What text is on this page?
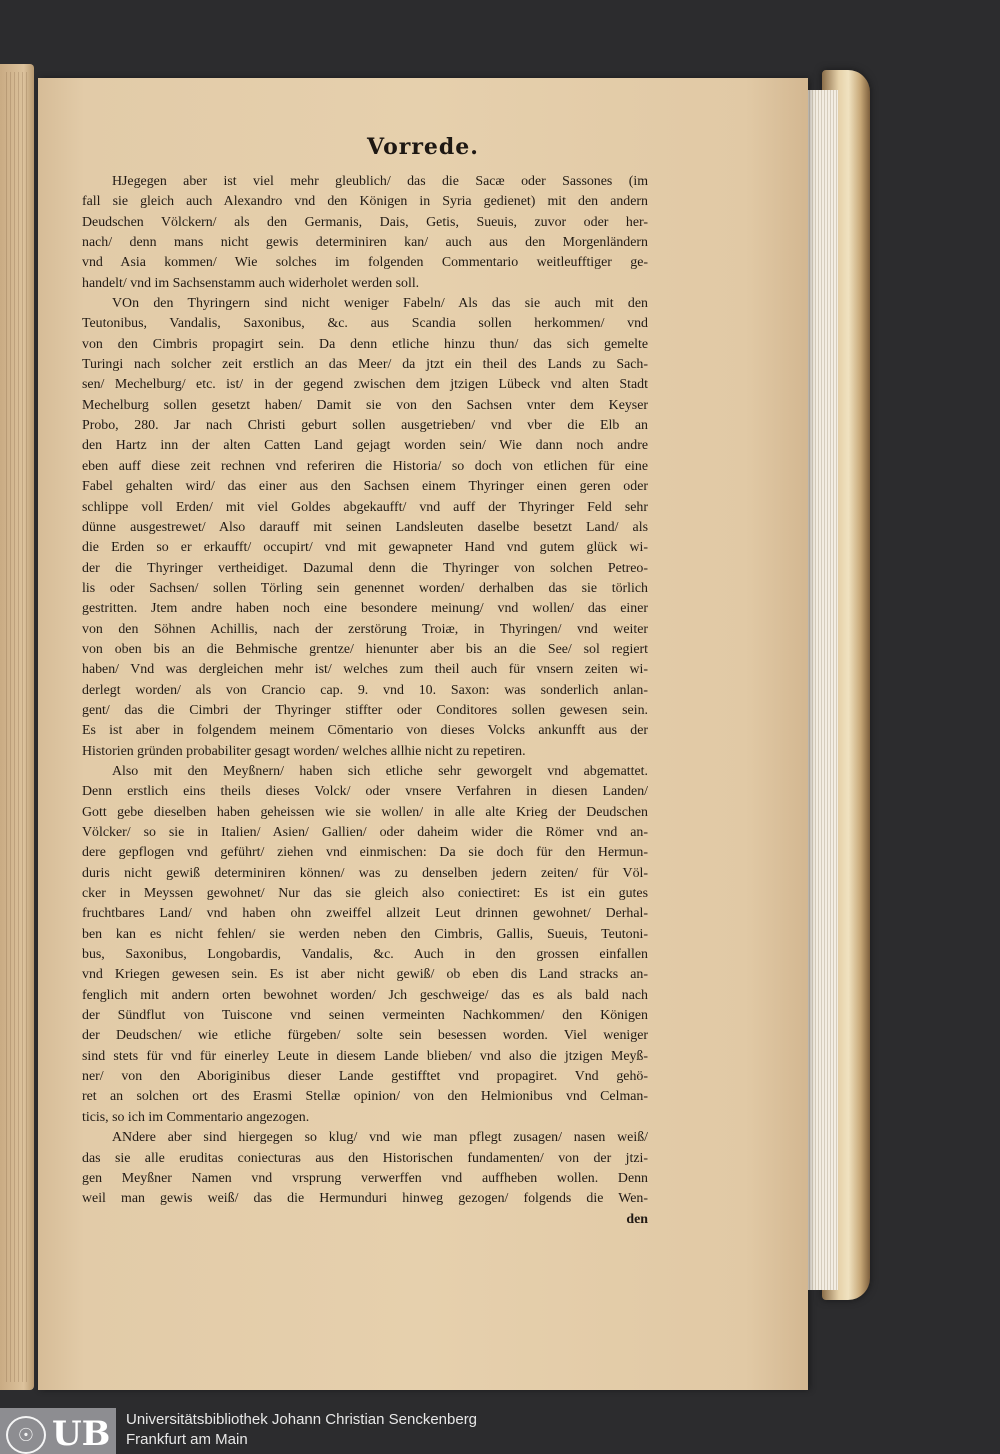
Vorrede.

HJegegen aber ist viel mehr gleublich/ das die Sacæ oder Sassones (im

fall sie gleich auch Alexandro vnd den Königen in Syria gedienet) mit den andern

Deudschen Völckern/ als den Germanis, Dais, Getis, Sueuis, zuvor oder her-

nach/ denn mans nicht gewis determiniren kan/ auch aus den Morgenländern

vnd Asia kommen/ Wie solches im folgenden Commentario weitleufftiger ge-

handelt/ vnd im Sachsenstamm auch widerholet werden soll.

VOn den Thyringern sind nicht weniger Fabeln/ Als das sie auch mit den

Teutonibus, Vandalis, Saxonibus, &c. aus Scandia sollen herkommen/ vnd

von den Cimbris propagirt sein. Da denn etliche hinzu thun/ das sich gemelte

Turingi nach solcher zeit erstlich an das Meer/ da jtzt ein theil des Lands zu Sach-

sen/ Mechelburg/ etc. ist/ in der gegend zwischen dem jtzigen Lübeck vnd alten Stadt

Mechelburg sollen gesetzt haben/ Damit sie von den Sachsen vnter dem Keyser

Probo, 280. Jar nach Christi geburt sollen ausgetrieben/ vnd vber die Elb an

den Hartz inn der alten Catten Land gejagt worden sein/ Wie dann noch andre

eben auff diese zeit rechnen vnd referiren die Historia/ so doch von etlichen für eine

Fabel gehalten wird/ das einer aus den Sachsen einem Thyringer einen geren oder

schlippe voll Erden/ mit viel Goldes abgekaufft/ vnd auff der Thyringer Feld sehr

dünne ausgestrewet/ Also darauff mit seinen Landsleuten daselbe besetzt Land/ als

die Erden so er erkaufft/ occupirt/ vnd mit gewapneter Hand vnd gutem glück wi-

der die Thyringer vertheidiget. Dazumal denn die Thyringer von solchen Petreo-

lis oder Sachsen/ sollen Törling sein genennet worden/ derhalben das sie törlich

gestritten. Jtem andre haben noch eine besondere meinung/ vnd wollen/ das einer

von den Söhnen Achillis, nach der zerstörung Troiæ, in Thyringen/ vnd weiter

von oben bis an die Behmische grentze/ hienunter aber bis an die See/ sol regiert

haben/ Vnd was dergleichen mehr ist/ welches zum theil auch für vnsern zeiten wi-

derlegt worden/ als von Crancio cap. 9. vnd 10. Saxon: was sonderlich anlan-

gent/ das die Cimbri der Thyringer stiffter oder Conditores sollen gewesen sein.

Es ist aber in folgendem meinem Cōmentario von dieses Volcks ankunfft aus der

Historien gründen probabiliter gesagt worden/ welches allhie nicht zu repetiren.

Also mit den Meyßnern/ haben sich etliche sehr geworgelt vnd abgemattet.

Denn erstlich eins theils dieses Volck/ oder vnsere Verfahren in diesen Landen/

Gott gebe dieselben haben geheissen wie sie wollen/ in alle alte Krieg der Deudschen

Völcker/ so sie in Italien/ Asien/ Gallien/ oder daheim wider die Römer vnd an-

dere gepflogen vnd geführt/ ziehen vnd einmischen: Da sie doch für den Hermun-

duris nicht gewiß determiniren können/ was zu denselben jedern zeiten/ für Völ-

cker in Meyssen gewohnet/ Nur das sie gleich also coniectiret: Es ist ein gutes

fruchtbares Land/ vnd haben ohn zweiffel allzeit Leut drinnen gewohnet/ Derhal-

ben kan es nicht fehlen/ sie werden neben den Cimbris, Gallis, Sueuis, Teutoni-

bus, Saxonibus, Longobardis, Vandalis, &c. Auch in den grossen einfallen

vnd Kriegen gewesen sein. Es ist aber nicht gewiß/ ob eben dis Land stracks an-

fenglich mit andern orten bewohnet worden/ Jch geschweige/ das es als bald nach

der Sündflut von Tuiscone vnd seinen vermeinten Nachkommen/ den Königen

der Deudschen/ wie etliche fürgeben/ solte sein besessen worden. Viel weniger

sind stets für vnd für einerley Leute in diesem Lande blieben/ vnd also die jtzigen Meyß-

ner/ von den Aboriginibus dieser Lande gestifftet vnd propagiret. Vnd gehö-

ret an solchen ort des Erasmi Stellæ opinion/ von den Helmionibus vnd Celman-

ticis, so ich im Commentario angezogen.

ANdere aber sind hiergegen so klug/ vnd wie man pflegt zusagen/ nasen weiß/

das sie alle eruditas coniecturas aus den Historischen fundamenten/ von der jtzi-

gen Meyßner Namen vnd vrsprung verwerffen vnd auffheben wollen. Denn

weil man gewis weiß/ das die Hermunduri hinweg gezogen/ folgends die Wen-

den

☉ UB Universitätsbibliothek Johann Christian Senckenberg
Frankfurt am Main
